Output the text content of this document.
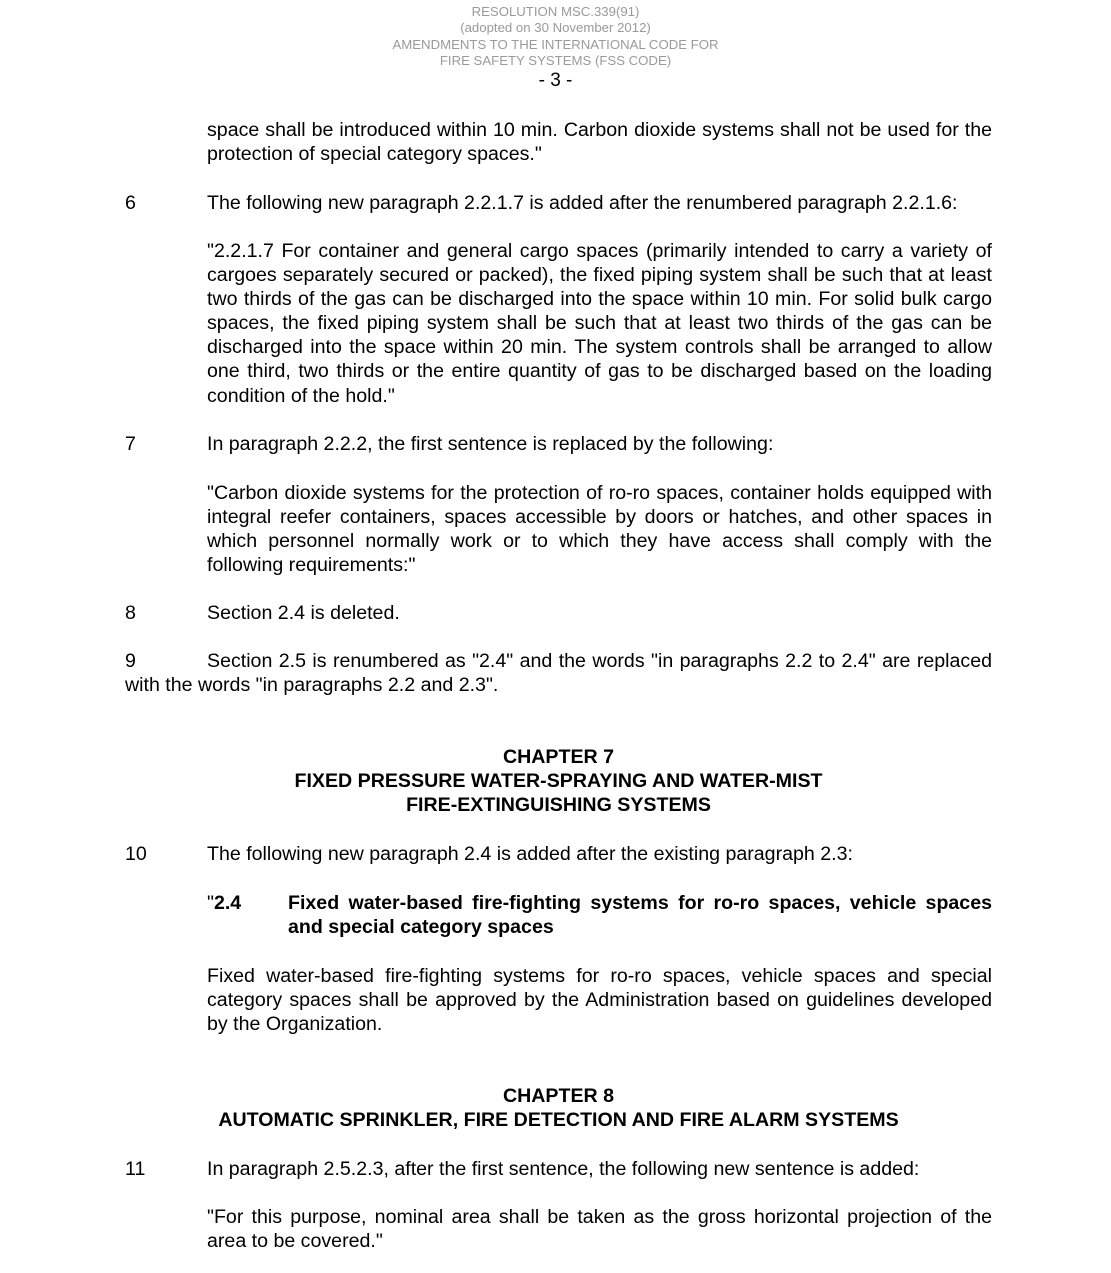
RESOLUTION MSC.339(91)
(adopted on 30 November 2012)
AMENDMENTS TO THE INTERNATIONAL CODE FOR
FIRE SAFETY SYSTEMS (FSS CODE)
- 3 -

space shall be introduced within 10 min. Carbon dioxide systems shall not be used for the protection of special category spaces."

6	The following new paragraph 2.2.1.7 is added after the renumbered paragraph 2.2.1.6:

"2.2.1.7 For container and general cargo spaces (primarily intended to carry a variety of cargoes separately secured or packed), the fixed piping system shall be such that at least two thirds of the gas can be discharged into the space within 10 min. For solid bulk cargo spaces, the fixed piping system shall be such that at least two thirds of the gas can be discharged into the space within 20 min. The system controls shall be arranged to allow one third, two thirds or the entire quantity of gas to be discharged based on the loading condition of the hold."

7	In paragraph 2.2.2, the first sentence is replaced by the following:

"Carbon dioxide systems for the protection of ro-ro spaces, container holds equipped with integral reefer containers, spaces accessible by doors or hatches, and other spaces in which personnel normally work or to which they have access shall comply with the following requirements:"

8	Section 2.4 is deleted.

9	Section 2.5 is renumbered as "2.4" and the words "in paragraphs 2.2 to 2.4" are replaced with the words "in paragraphs 2.2 and 2.3".

CHAPTER 7
FIXED PRESSURE WATER-SPRAYING AND WATER-MIST
FIRE-EXTINGUISHING SYSTEMS
10	The following new paragraph 2.4 is added after the existing paragraph 2.3:

"2.4 Fixed water-based fire-fighting systems for ro-ro spaces, vehicle spaces and special category spaces

Fixed water-based fire-fighting systems for ro-ro spaces, vehicle spaces and special category spaces shall be approved by the Administration based on guidelines developed by the Organization.

CHAPTER 8
AUTOMATIC SPRINKLER, FIRE DETECTION AND FIRE ALARM SYSTEMS
11	In paragraph 2.5.2.3, after the first sentence, the following new sentence is added:

"For this purpose, nominal area shall be taken as the gross horizontal projection of the area to be covered."
